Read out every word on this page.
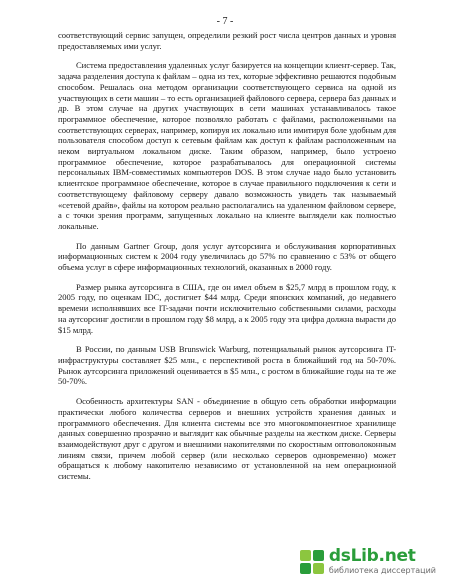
- 7 -

соответствующий сервис запущен, определили резкий рост числа центров данных и уровня предоставляемых ими услуг.

Система предоставления удаленных услуг базируется на концепции клиент-сервер. Так, задача разделения доступа к файлам – одна из тех, которые эффективно решаются подобным способом. Решалась она методом организации соответствующего сервиса на одной из участвующих в сети машин – то есть организацией файлового сервера, сервера баз данных и др. В этом случае на других участвующих в сети машинах устанавливалось такое программное обеспечение, которое позволяло работать с файлами, расположенными на соответствующих серверах, например, копируя их локально или имитируя боле удобным для пользователя способом доступ к сетевым файлам как доступ к файлам расположенным на неком виртуальном локальном диске. Таким образом, например, было устроено программное обеспечение, которое разрабатывалось для операционной системы персональных IBM-совместимых компьютеров DOS. В этом случае надо было установить клиентское программное обеспечение, которое в случае правильного подключения к сети и соответствующему файловому серверу давало возможность увидеть так называемый «сетевой драйв», файлы на котором реально располагались на удаленном файловом сервере, а с точки зрения программ, запущенных локально на клиенте выглядели как полностью локальные.

По данным Gartner Group, доля услуг аутсорсинга и обслуживания корпоративных информационных систем к 2004 году увеличилась до 57% по сравнению с 53% от общего объема услуг в сфере информационных технологий, оказанных в 2000 году.

Размер рынка аутсорсинга в США, где он имел объем в $25,7 млрд в прошлом году, к 2005 году, по оценкам IDC, достигнет $44 млрд. Среди японских компаний, до недавнего времени исполнявших все IT-задачи почти исключительно собственными силами, расходы на аутсорсинг достигли в прошлом году $8 млрд, а к 2005 году эта цифра должна вырасти до $15 млрд.

В России, по данным USB Brunswick Warburg, потенциальный рынок аутсорсинга IT-инфраструктуры составляет $25 млн., с перспективой роста в ближайший год на 50-70%. Рынок аутсорсинга приложений оценивается в $5 млн., с ростом в ближайшие годы на те же 50-70%.

Особенность архитектуры SAN - объединение в общую сеть обработки информации практически любого количества серверов и внешних устройств хранения данных и программного обеспечения. Для клиента системы все это многокомпонентное хранилище данных совершенно прозрачно и выглядит как обычные разделы на жестком диске. Серверы взаимодействуют друг с другом и внешними накопителями по скоростным оптоволоконным линиям связи, причем любой сервер (или несколько серверов одновременно) может обращаться к любому накопителю независимо от установленной на нем операционной системы.

dsLib.net
библиотека диссертаций
